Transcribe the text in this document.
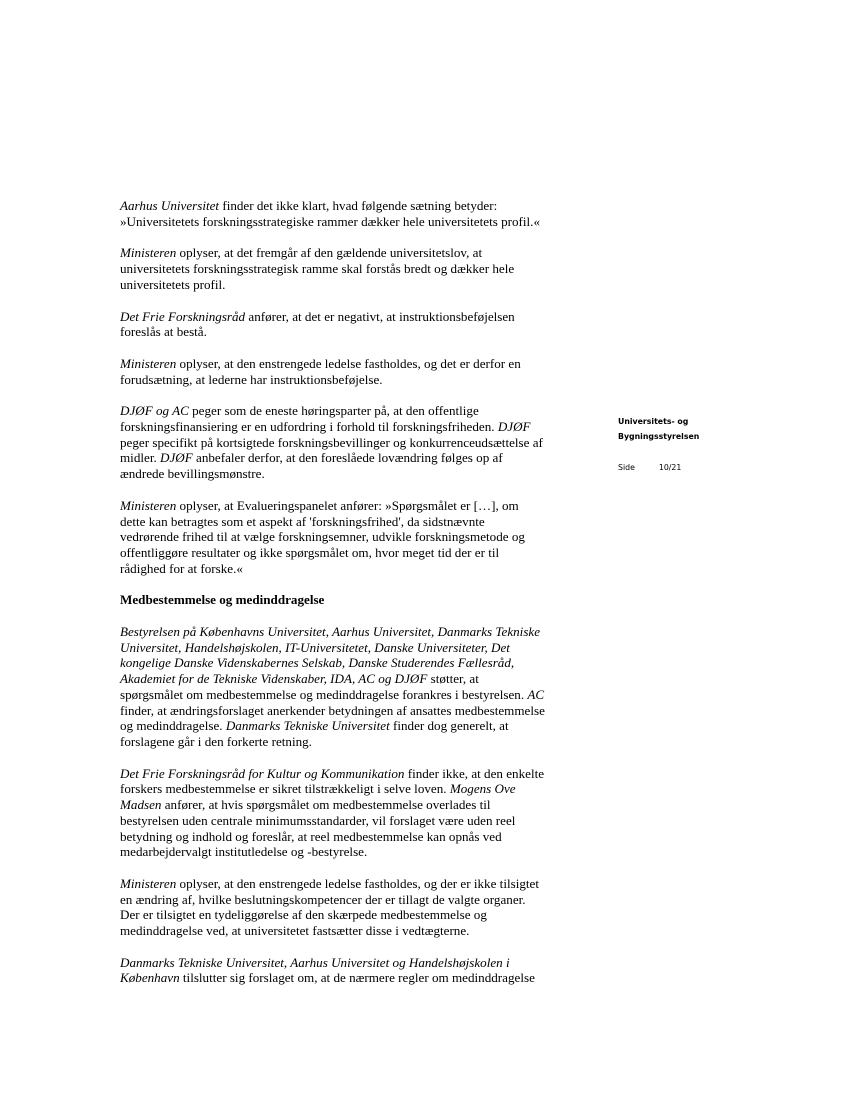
Aarhus Universitet finder det ikke klart, hvad følgende sætning betyder:
»Universitetets forskningsstrategiske rammer dækker hele universitetets profil.«
Ministeren oplyser, at det fremgår af den gældende universitetslov, at
universitetets forskningsstrategisk ramme skal forstås bredt og dækker hele
universitetets profil.
Det Frie Forskningsråd anfører, at det er negativt, at instruktionsbeføjelsen
foreslås at bestå.
Ministeren oplyser, at den enstrengede ledelse fastholdes, og det er derfor en
forudsætning, at lederne har instruktionsbeføjelse.
DJØF og AC peger som de eneste høringsparter på, at den offentlige
forskningsfinansiering er en udfordring i forhold til forskningsfriheden. DJØF
peger specifikt på kortsigtede forskningsbevillinger og konkurrenceudsættelse af
midler. DJØF anbefaler derfor, at den foreslåede lovændring følges op af
ændrede bevillingsmønstre.
Ministeren oplyser, at Evalueringspanelet anfører: »Spørgsmålet er […], om
dette kan betragtes som et aspekt af 'forskningsfrihed', da sidstnævnte
vedrørende frihed til at vælge forskningsemner, udvikle forskningsmetode og
offentliggøre resultater og ikke spørgsmålet om, hvor meget tid der er til
rådighed for at forske.«
Medbestemmelse og medinddragelse
Bestyrelsen på Københavns Universitet, Aarhus Universitet, Danmarks Tekniske
Universitet, Handelshøjskolen, IT-Universitetet, Danske Universiteter, Det
kongelige Danske Videnskabernes Selskab, Danske Studerendes Fællesråd,
Akademiet for de Tekniske Videnskaber, IDA, AC og DJØF støtter, at
spørgsmålet om medbestemmelse og medinddragelse forankres i bestyrelsen. AC
finder, at ændringsforslaget anerkender betydningen af ansattes medbestemmelse
og medinddragelse. Danmarks Tekniske Universitet finder dog generelt, at
forslagene går i den forkerte retning.
Det Frie Forskningsråd for Kultur og Kommunikation finder ikke, at den enkelte
forskers medbestemmelse er sikret tilstrækkeligt i selve loven. Mogens Ove
Madsen anfører, at hvis spørgsmålet om medbestemmelse overlades til
bestyrelsen uden centrale minimumsstandarder, vil forslaget være uden reel
betydning og indhold og foreslår, at reel medbestemmelse kan opnås ved
medarbejdervalgt institutledelse og -bestyrelse.
Ministeren oplyser, at den enstrengede ledelse fastholdes, og der er ikke tilsigtet
en ændring af, hvilke beslutningskompetencer der er tillagt de valgte organer.
Der er tilsigtet en tydeliggørelse af den skærpede medbestemmelse og
medinddragelse ved, at universitetet fastsætter disse i vedtægterne.
Danmarks Tekniske Universitet, Aarhus Universitet og Handelshøjskolen i
København tilslutter sig forslaget om, at de nærmere regler om medinddragelse
Universitets- og
Bygningsstyrelsen
Side	10/21
